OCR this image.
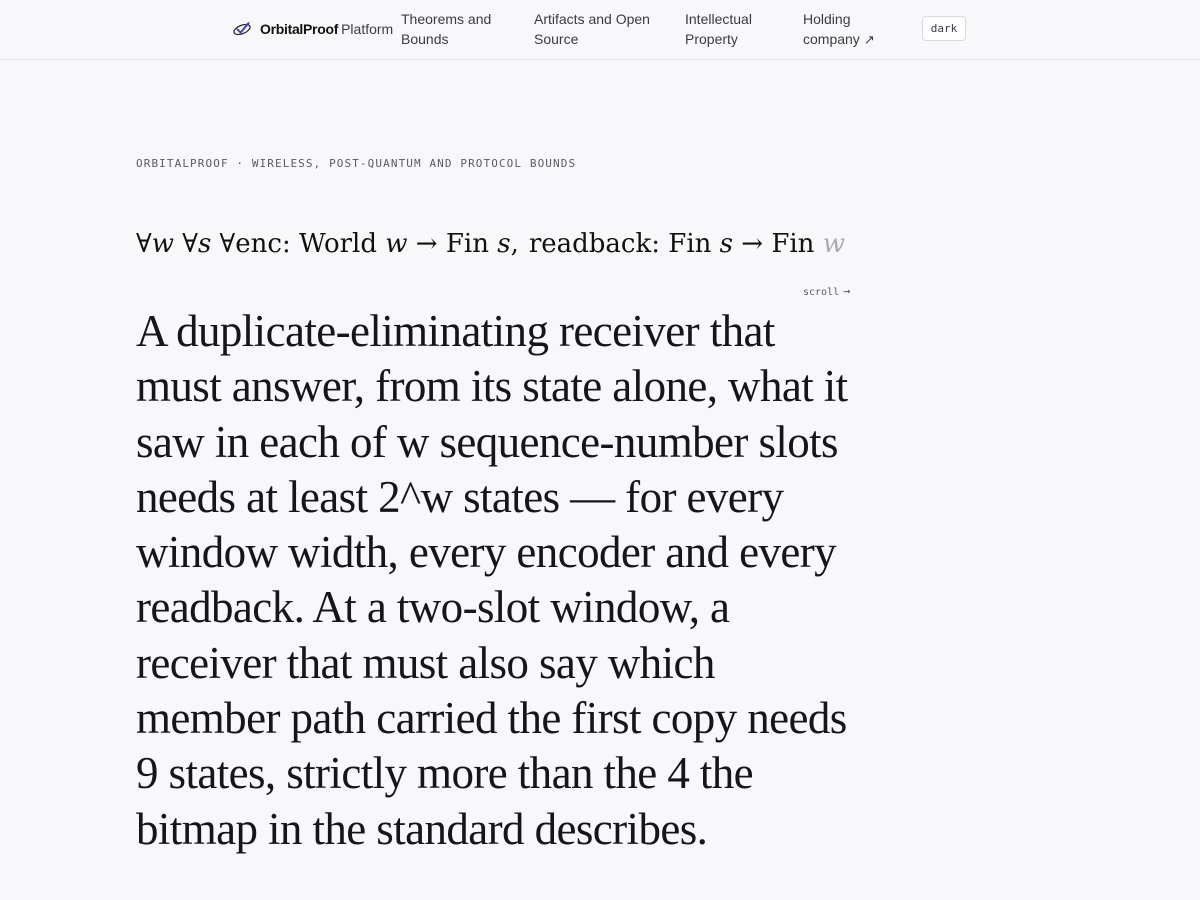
OrbitalProof Platform
Theorems and Bounds
Artifacts and Open Source
Intellectual Property
Holding company ↗
dark
ORBITALPROOF · WIRELESS, POST-QUANTUM AND PROTOCOL BOUNDS
∀w ∀s ∀enc: World w → Fin s, readback: Fin s → Fin w
scroll →
A duplicate-eliminating receiver that must answer, from its state alone, what it saw in each of w sequence-number slots needs at least 2^w states — for every window width, every encoder and every readback. At a two-slot window, a receiver that must also say which member path carried the first copy needs 9 states, strictly more than the 4 the bitmap in the standard describes.
